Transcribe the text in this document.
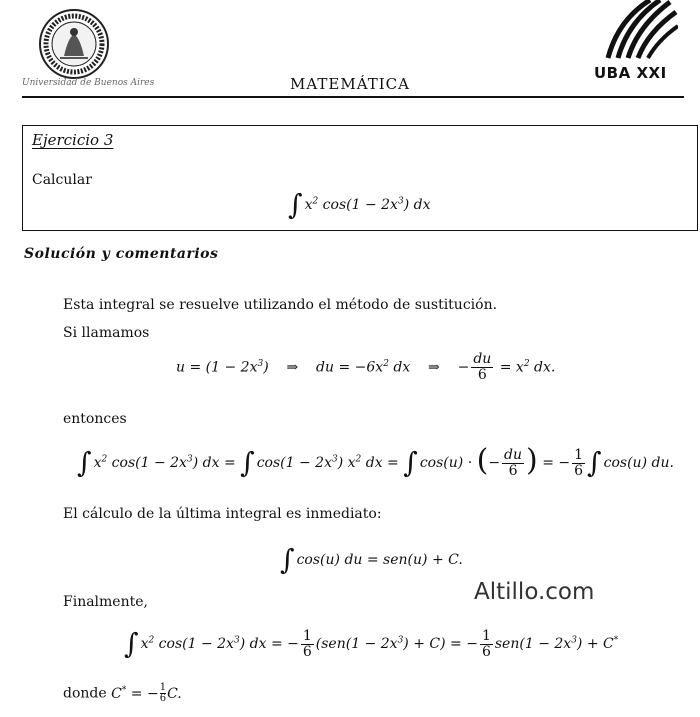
Universidad de Buenos Aires
UBA XXI
MATEMÁTICA
Ejercicio 3
Calcular
∫ $x^2$ $\cos(1 - 2x^3)$ dx
Solución y comentarios
Esta integral se resuelve utilizando el método de sustitución.
Si llamamos
$u = (1 - 2x^3)$    ⇒    du = $-6x^2$ dx    ⇒ − $\frac{du}{6} = x^2$ dx.
entonces
∫ $x^2$ $\cos(1 - 2x^3)$ dx = ∫ $\cos(1 - 2x^3)$ $x^2$ dx = ∫ cos(u) · (− $\frac{du}{6}$ ) = − $\frac{1}{6}$ ∫ cos(u) du.
El cálculo de la última integral es inmediato:
∫ cos(u) du = sen(u) + C.
Altillo.com
Finalmente,
∫ $x^2$ $\cos(1 - 2x^3)$ dx = − $\frac{1}{6} (sen(1 - 2x^3) + C)$ = − $\frac{1}{6} sen(1 - 2x^3) + C^*$
donde C* = − $\frac{1}{6} C$.
